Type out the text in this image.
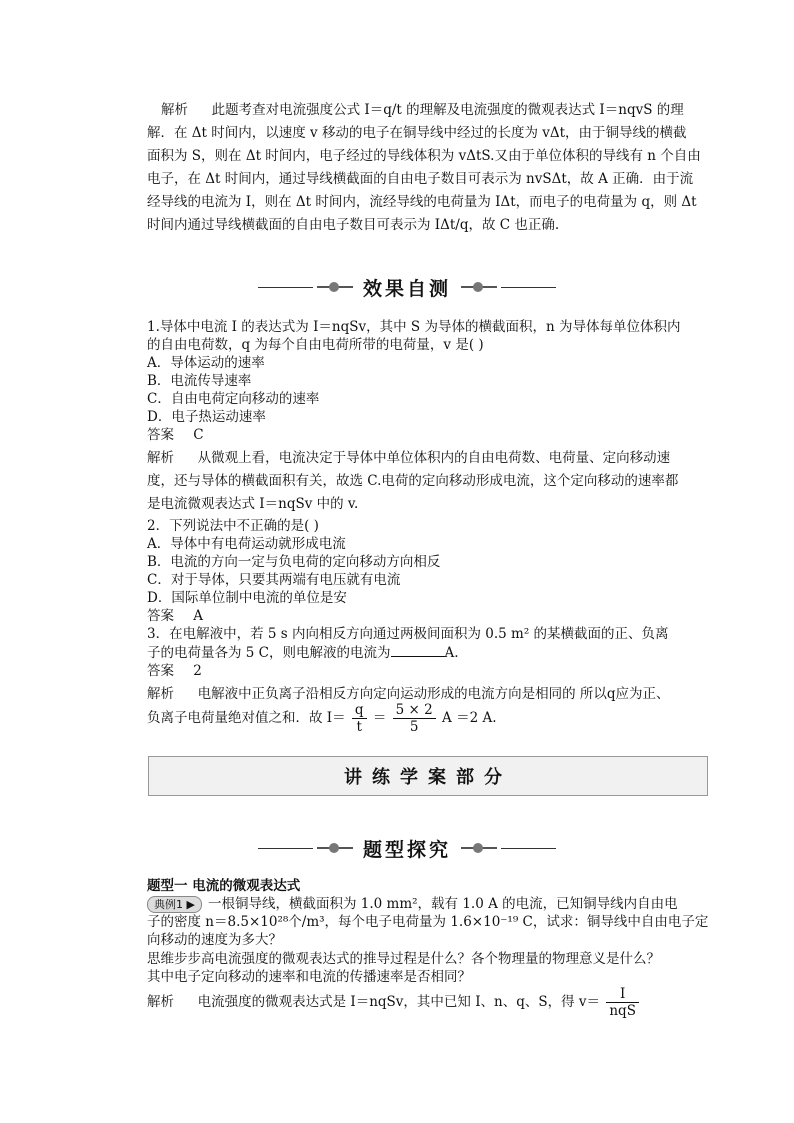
解析 此题考查对电流强度公式 I＝q/t 的理解及电流强度的微观表达式 I＝nqvS 的理
解．在 Δt 时间内，以速度 v 移动的电子在铜导线中经过的长度为 vΔt，由于铜导线的横截
面积为 S，则在 Δt 时间内，电子经过的导线体积为 vΔtS.又由于单位体积的导线有 n 个自由
电子，在 Δt 时间内，通过导线横截面的自由电子数目可表示为 nvSΔt，故 A 正确．由于流
经导线的电流为 I，则在 Δt 时间内，流经导线的电荷量为 IΔt，而电子的电荷量为 q，则 Δt
时间内通过导线横截面的自由电子数目可表示为 IΔt/q，故 C 也正确.
效果自测
1.导体中电流 I 的表达式为 I＝nqSv，其中 S 为导体的横截面积，n 为导体每单位体积内
的自由电荷数，q 为每个自由电荷所带的电荷量，v 是( )
A．导体运动的速率
B．电流传导速率
C．自由电荷定向移动的速率
D．电子热运动速率
答案 C
解析 从微观上看，电流决定于导体中单位体积内的自由电荷数、电荷量、定向移动速
度，还与导体的横截面积有关，故选 C.电荷的定向移动形成电流，这个定向移动的速率都
是电流微观表达式 I＝nqSv 中的 v.
2．下列说法中不正确的是( )
A．导体中有电荷运动就形成电流
B．电流的方向一定与负电荷的定向移动方向相反
C．对于导体，只要其两端有电压就有电流
D．国际单位制中电流的单位是安
答案 A
3．在电解液中，若 5 s 内向相反方向通过两极间面积为 0.5 m² 的某横截面的正、负离
子的电荷量各为 5 C，则电解液的电流为	A.
答案 2
解析 电解液中正负离子沿相反方向定向运动形成的电流方向是相同的 所以q应为正、
负离子电荷量绝对值之和．故 $I= \frac{q}{t} = \frac{5 \times 2}{5}$ A ＝2 A.
讲练学案部分
题型探究
题型一 电流的微观表达式
典例1 ▶ 一根铜导线，横截面积为 1.0 mm²，载有 1.0 A 的电流，已知铜导线内自由电
子的密度 n＝8.5×10²⁸个/m³，每个电子电荷量为 1.6×10⁻¹⁹ C，试求：铜导线中自由电子定
向移动的速度为多大？
思维步步高电流强度的微观表达式的推导过程是什么？各个物理量的物理意义是什么？
其中电子定向移动的速率和电流的传播速率是否相同？
解析 电流强度的微观表达式是 I＝nqSv，其中已知 I、n、q、S，得 $v= \frac{I}{\text{nqS}}$
